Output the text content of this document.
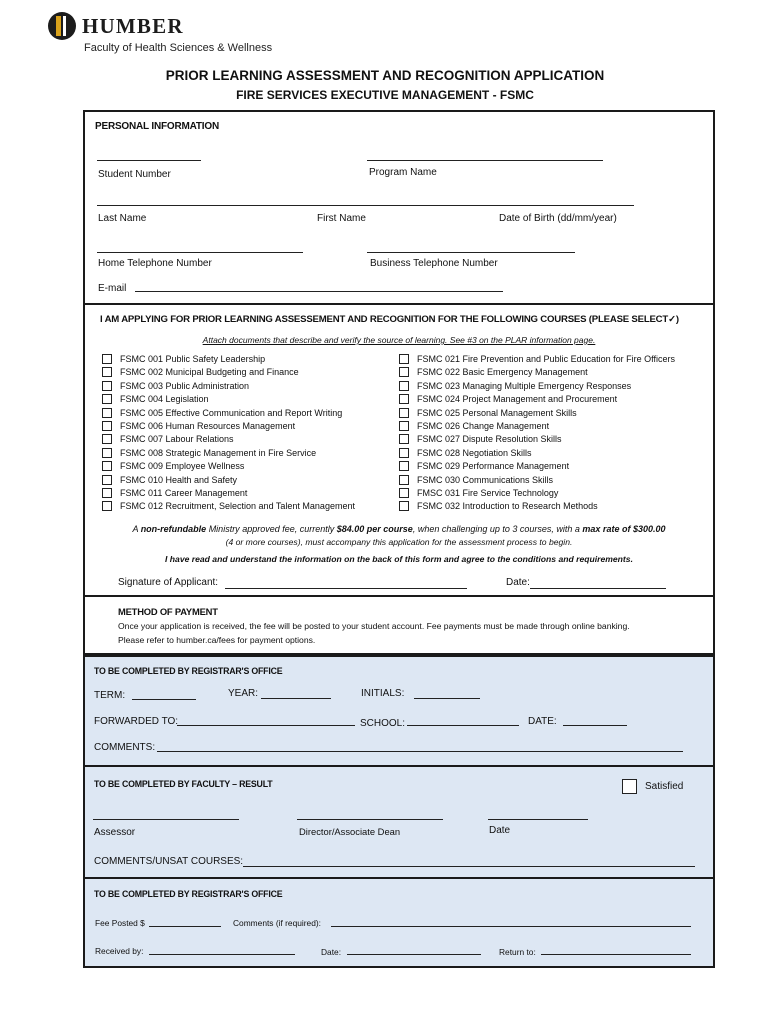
HUMBER
Faculty of Health Sciences & Wellness
PRIOR LEARNING ASSESSMENT AND RECOGNITION APPLICATION
FIRE SERVICES EXECUTIVE MANAGEMENT - FSMC
PERSONAL INFORMATION
Student Number	Program Name
Last Name	First Name	Date of Birth (dd/mm/year)
Home Telephone Number	Business Telephone Number
E-mail
I AM APPLYING FOR PRIOR LEARNING ASSESSEMENT AND RECOGNITION FOR THE FOLLOWING COURSES (PLEASE SELECT✓)
Attach documents that describe and verify the source of learning. See #3 on the PLAR information page.
FSMC 001 Public Safety Leadership
FSMC 002 Municipal Budgeting and Finance
FSMC 003 Public Administration
FSMC 004 Legislation
FSMC 005 Effective Communication and Report Writing
FSMC 006 Human Resources Management
FSMC 007 Labour Relations
FSMC 008 Strategic Management in Fire Service
FSMC 009 Employee Wellness
FSMC 010 Health and Safety
FSMC 011 Career Management
FSMC 012 Recruitment, Selection and Talent Management
FSMC 021 Fire Prevention and Public Education for Fire Officers
FSMC 022 Basic Emergency Management
FSMC 023 Managing Multiple Emergency Responses
FSMC 024 Project Management and Procurement
FSMC 025 Personal Management Skills
FSMC 026 Change Management
FSMC 027 Dispute Resolution Skills
FSMC 028 Negotiation Skills
FSMC 029 Performance Management
FSMC 030 Communications Skills
FMSC 031 Fire Service Technology
FSMC 032 Introduction to Research Methods
A non-refundable Ministry approved fee, currently $84.00 per course, when challenging up to 3 courses, with a max rate of $300.00
(4 or more courses), must accompany this application for the assessment process to begin.
I have read and understand the information on the back of this form and agree to the conditions and requirements.
Signature of Applicant:	Date:
METHOD OF PAYMENT
Once your application is received, the fee will be posted to your student account. Fee payments must be made through online banking.
Please refer to humber.ca/fees for payment options.
TO BE COMPLETED BY REGISTRAR'S OFFICE
TERM:	YEAR:	INITIALS:
FORWARDED TO:	SCHOOL:	DATE:
COMMENTS:
TO BE COMPLETED BY FACULTY – RESULT	Satisfied
Assessor	Director/Associate Dean	Date
COMMENTS/UNSAT COURSES:
TO BE COMPLETED BY REGISTRAR'S OFFICE
Fee Posted $	Comments (if required):
Received by:	Date:	Return to:
